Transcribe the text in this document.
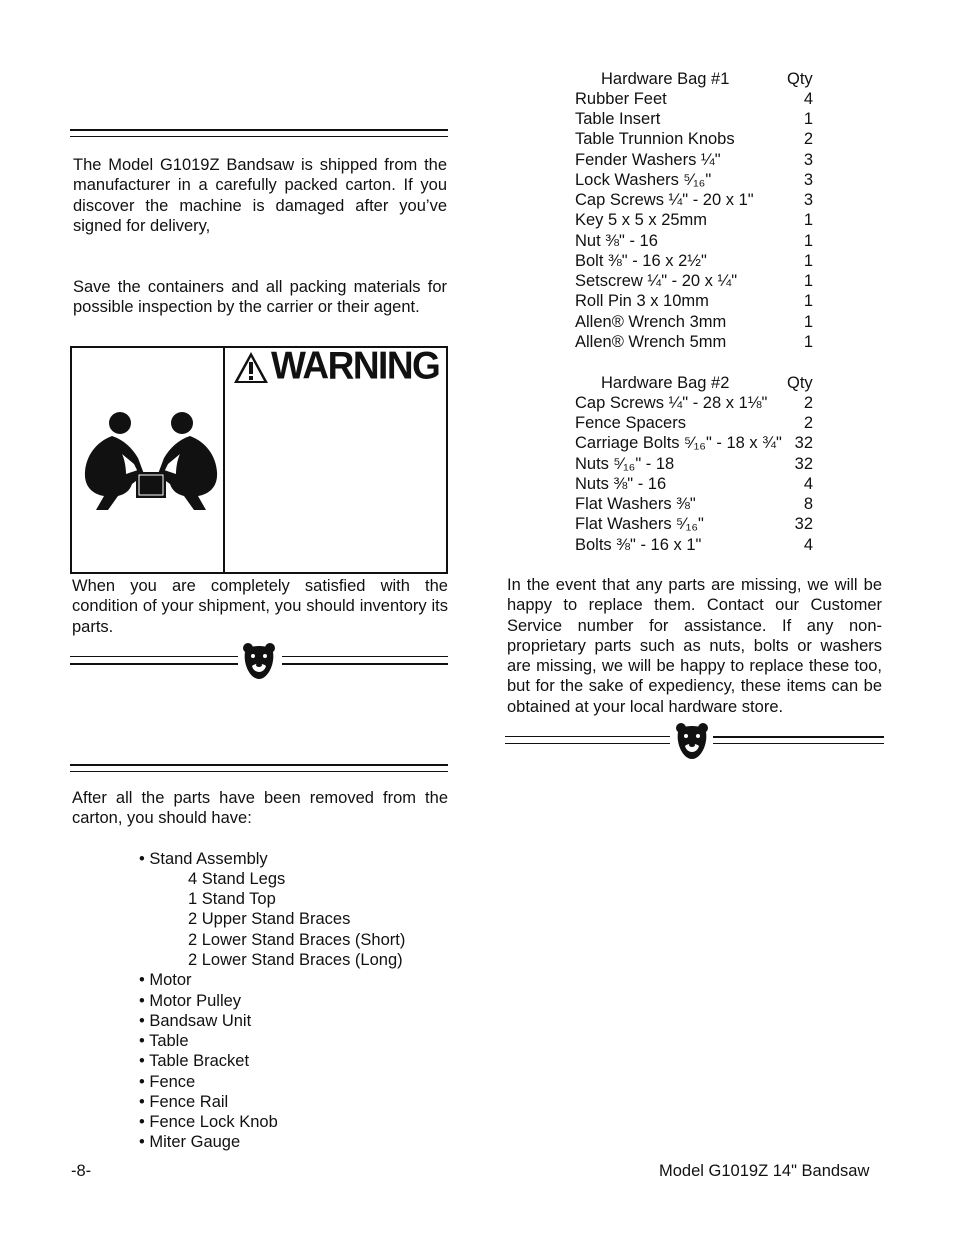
The Model G1019Z Bandsaw is shipped from the manufacturer in a carefully packed carton. If you discover the machine is damaged after you’ve signed for delivery,
Save the containers and all packing materials for possible inspection by the carrier or their agent.
WARNING
When you are completely satisfied with the condition of your shipment, you should inventory its parts.
After all the parts have been removed from the carton, you should have:
• Stand Assembly
4 Stand Legs
1 Stand Top
2 Upper Stand Braces
2 Lower Stand Braces (Short)
2 Lower Stand Braces (Long)
• Motor
• Motor Pulley
• Bandsaw Unit
• Table
• Table Bracket
• Fence
• Fence Rail
• Fence Lock Knob
• Miter Gauge
Hardware Bag #1	Qty
Rubber Feet	4
Table Insert	1
Table Trunnion Knobs	2
Fender Washers ¼"	3
Lock Washers ⁵⁄₁₆"	3
Cap Screws ¼" - 20 x 1"	3
Key 5 x 5 x 25mm	1
Nut ⅜" - 16	1
Bolt ⅜" - 16 x 2½"	1
Setscrew ¼" - 20 x ¼"	1
Roll Pin 3 x 10mm	1
Allen® Wrench 3mm	1
Allen® Wrench 5mm	1
Hardware Bag #2	Qty
Cap Screws ¼" - 28 x 1⅛"	2
Fence Spacers	2
Carriage Bolts ⁵⁄₁₆" - 18 x ¾" 32
Nuts ⁵⁄₁₆" - 18	32
Nuts ⅜" - 16	4
Flat Washers ⅜"	8
Flat Washers ⁵⁄₁₆"	32
Bolts ⅜" - 16 x 1"	4
In the event that any parts are missing, we will be happy to replace them. Contact our Customer Service number for assistance. If any non-proprietary parts such as nuts, bolts or washers are missing, we will be happy to replace these too, but for the sake of expediency, these items can be obtained at your local hardware store.
-8-	Model G1019Z 14" Bandsaw
